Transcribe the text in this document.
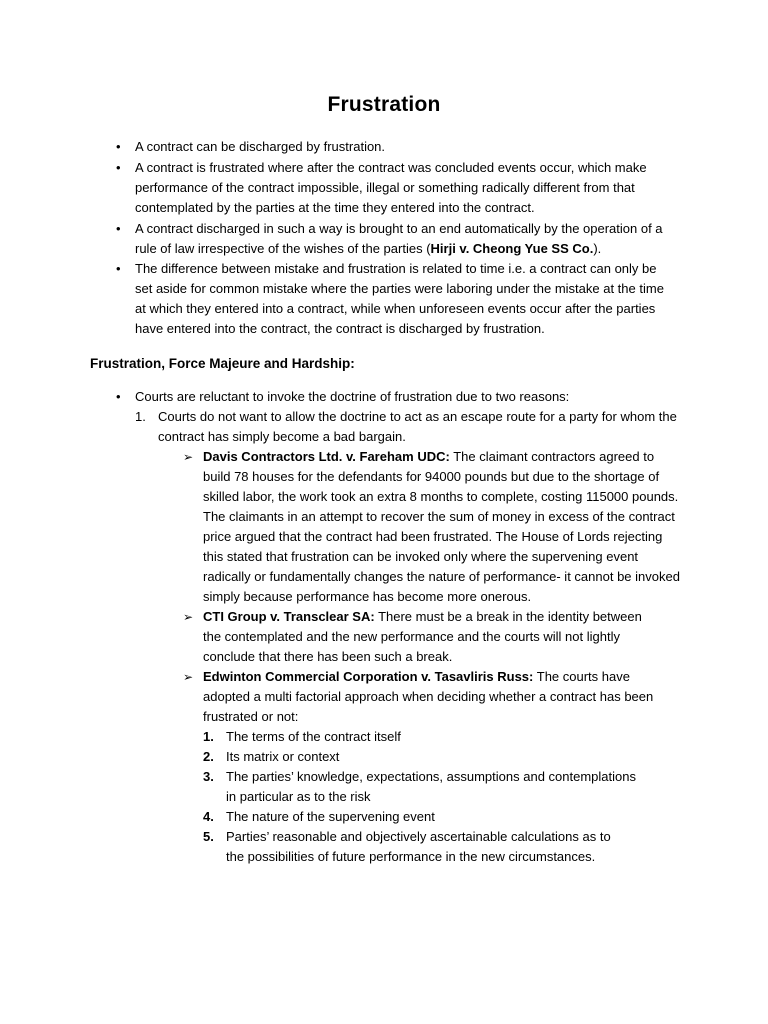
Frustration
• A contract can be discharged by frustration.
• A contract is frustrated where after the contract was concluded events occur, which make performance of the contract impossible, illegal or something radically different from that contemplated by the parties at the time they entered into the contract.
• A contract discharged in such a way is brought to an end automatically by the operation of a rule of law irrespective of the wishes of the parties (Hirji v. Cheong Yue SS Co.).
• The difference between mistake and frustration is related to time i.e. a contract can only be set aside for common mistake where the parties were laboring under the mistake at the time at which they entered into a contract, while when unforeseen events occur after the parties have entered into the contract, the contract is discharged by frustration.
Frustration, Force Majeure and Hardship:
• Courts are reluctant to invoke the doctrine of frustration due to two reasons:
1. Courts do not want to allow the doctrine to act as an escape route for a party for whom the contract has simply become a bad bargain.
➢ Davis Contractors Ltd. v. Fareham UDC: The claimant contractors agreed to build 78 houses for the defendants for 94000 pounds but due to the shortage of skilled labor, the work took an extra 8 months to complete, costing 115000 pounds. The claimants in an attempt to recover the sum of money in excess of the contract price argued that the contract had been frustrated. The House of Lords rejecting this stated that frustration can be invoked only where the supervening event radically or fundamentally changes the nature of performance- it cannot be invoked simply because performance has become more onerous.
➢ CTI Group v. Transclear SA: There must be a break in the identity between the contemplated and the new performance and the courts will not lightly conclude that there has been such a break.
➢ Edwinton Commercial Corporation v. Tasavliris Russ: The courts have adopted a multi factorial approach when deciding whether a contract has been frustrated or not:
1. The terms of the contract itself
2. Its matrix or context
3. The parties’ knowledge, expectations, assumptions and contemplations in particular as to the risk
4. The nature of the supervening event
5. Parties’ reasonable and objectively ascertainable calculations as to the possibilities of future performance in the new circumstances.
